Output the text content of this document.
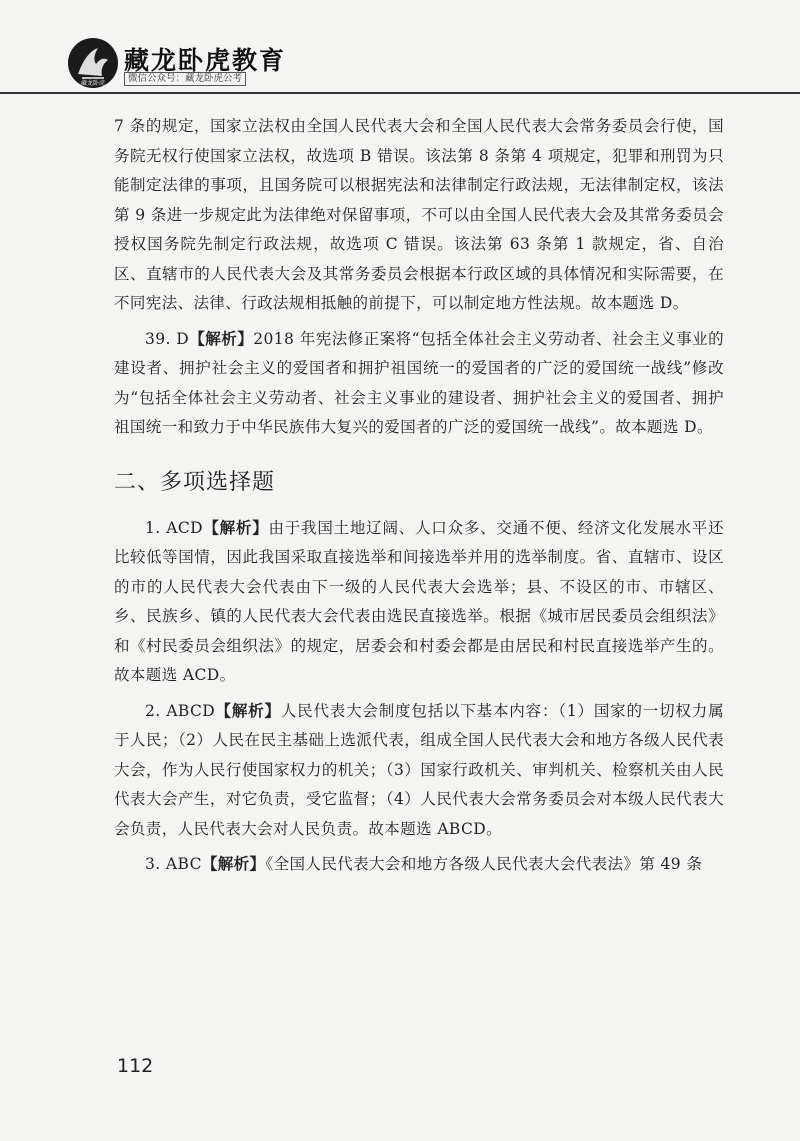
藏龙卧虎
藏龙卧虎教育
微信公众号：藏龙卧虎公考

7 条的规定，国家立法权由全国人民代表大会和全国人民代表大会常务委员会行使，国务院无权行使国家立法权，故选项 B 错误。该法第 8 条第 4 项规定，犯罪和刑罚为只能制定法律的事项，且国务院可以根据宪法和法律制定行政法规，无法律制定权，该法第 9 条进一步规定此为法律绝对保留事项，不可以由全国人民代表大会及其常务委员会授权国务院先制定行政法规，故选项 C 错误。该法第 63 条第 1 款规定，省、自治区、直辖市的人民代表大会及其常务委员会根据本行政区域的具体情况和实际需要，在不同宪法、法律、行政法规相抵触的前提下，可以制定地方性法规。故本题选 D。

39. D【解析】2018 年宪法修正案将“包括全体社会主义劳动者、社会主义事业的建设者、拥护社会主义的爱国者和拥护祖国统一的爱国者的广泛的爱国统一战线”修改为“包括全体社会主义劳动者、社会主义事业的建设者、拥护社会主义的爱国者、拥护祖国统一和致力于中华民族伟大复兴的爱国者的广泛的爱国统一战线”。故本题选 D。

二、多项选择题

1. ACD【解析】由于我国土地辽阔、人口众多、交通不便、经济文化发展水平还比较低等国情，因此我国采取直接选举和间接选举并用的选举制度。省、直辖市、设区的市的人民代表大会代表由下一级的人民代表大会选举；县、不设区的市、市辖区、乡、民族乡、镇的人民代表大会代表由选民直接选举。根据《城市居民委员会组织法》和《村民委员会组织法》的规定，居委会和村委会都是由居民和村民直接选举产生的。故本题选 ACD。

2. ABCD【解析】人民代表大会制度包括以下基本内容：（1）国家的一切权力属于人民；（2）人民在民主基础上选派代表，组成全国人民代表大会和地方各级人民代表大会，作为人民行使国家权力的机关；（3）国家行政机关、审判机关、检察机关由人民代表大会产生，对它负责，受它监督；（4）人民代表大会常务委员会对本级人民代表大会负责，人民代表大会对人民负责。故本题选 ABCD。

3. ABC【解析】《全国人民代表大会和地方各级人民代表大会代表法》第 49 条

112
